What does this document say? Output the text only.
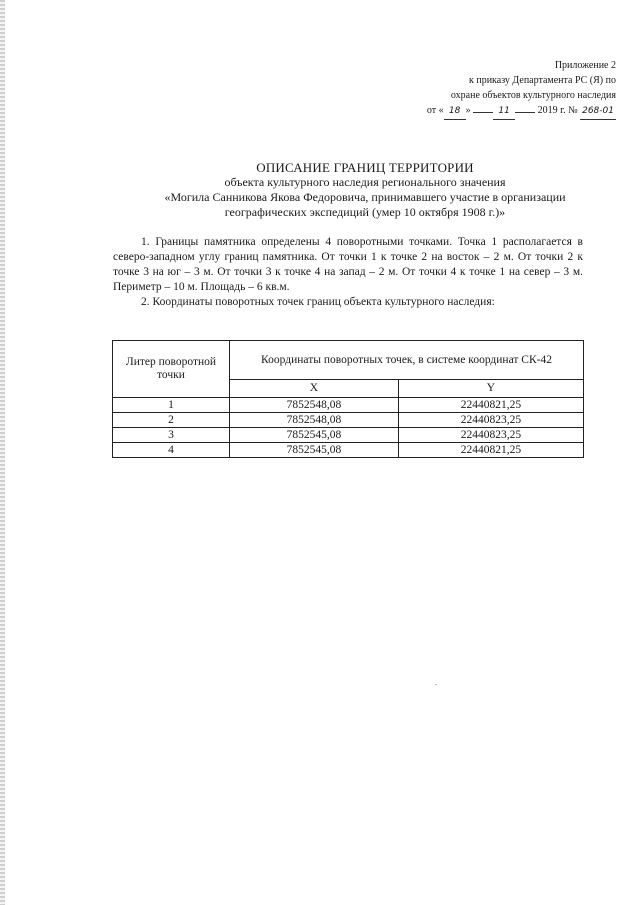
Приложение 2
к приказу Департамента РС (Я) по
охране объектов культурного наследия
от « 18 »	11	2019 г. № 268-01
ОПИСАНИЕ ГРАНИЦ ТЕРРИТОРИИ
объекта культурного наследия регионального значения
«Могила Санникова Якова Федоровича, принимавшего участие в организации
географических экспедиций (умер 10 октября 1908 г.)»

1. Границы памятника определены 4 поворотными точками. Точка 1 располагается в северо-западном углу границ памятника. От точки 1 к точке 2 на восток – 2 м. От точки 2 к точке 3 на юг – 3 м. От точки 3 к точке 4 на запад – 2 м. От точки 4 к точке 1 на север – 3 м. Периметр – 10 м. Площадь – 6 кв.м.

2. Координаты поворотных точек границ объекта культурного наследия:

Литер поворотной точки	Координаты поворотных точек, в системе координат СК-42	
	X	Y
1	7852548,08	22440821,25
2	7852548,08	22440823,25
3	7852545,08	22440823,25
4	7852545,08	22440821,25
